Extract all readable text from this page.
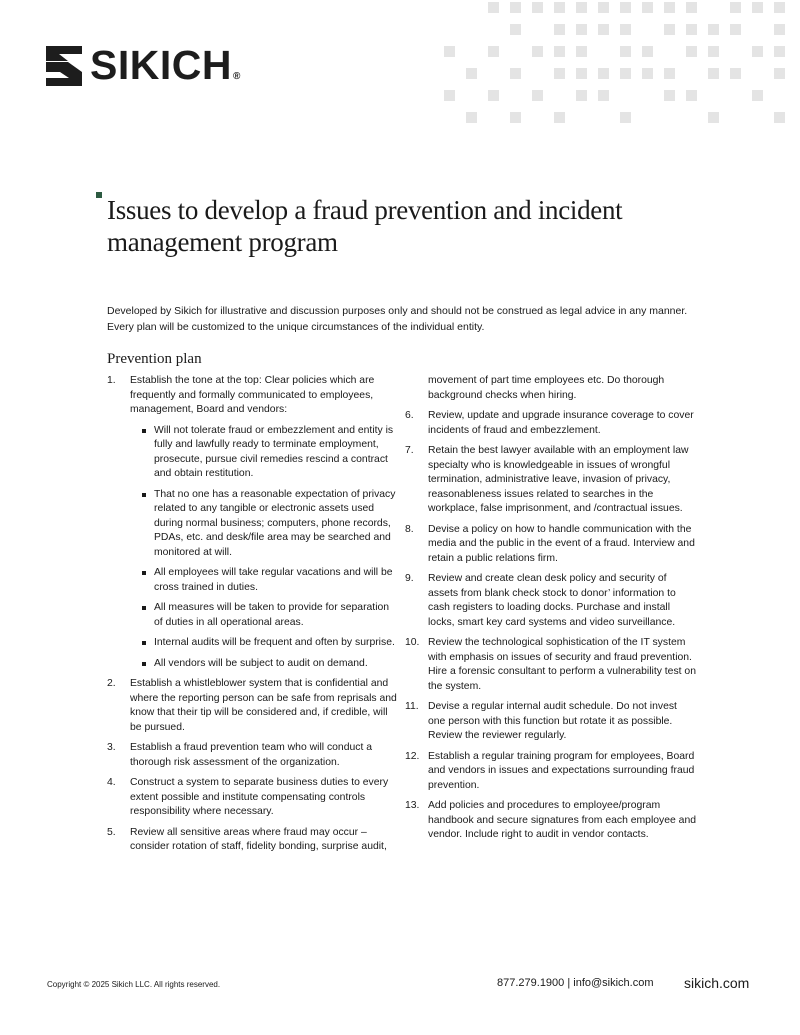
SIKICH ®
Issues to develop a fraud prevention and incident management program

Developed by Sikich for illustrative and discussion purposes only and should not be construed as legal advice in any manner. Every plan will be customized to the unique circumstances of the individual entity.

Prevention plan
1. Establish the tone at the top: Clear policies which are frequently and formally communicated to employees, management, Board and vendors:
Will not tolerate fraud or embezzlement and entity is fully and lawfully ready to terminate employment, prosecute, pursue civil remedies rescind a contract and obtain restitution.
That no one has a reasonable expectation of privacy related to any tangible or electronic assets used during normal business; computers, phone records, PDAs, etc. and desk/file area may be searched and monitored at will.
All employees will take regular vacations and will be cross trained in duties.
All measures will be taken to provide for separation of duties in all operational areas.
Internal audits will be frequent and often by surprise.
All vendors will be subject to audit on demand.
2. Establish a whistleblower system that is confidential and where the reporting person can be safe from reprisals and know that their tip will be considered and, if credible, will be pursued.
3. Establish a fraud prevention team who will conduct a thorough risk assessment of the organization.
4. Construct a system to separate business duties to every extent possible and institute compensating controls responsibility where necessary.
5. Review all sensitive areas where fraud may occur – consider rotation of staff, fidelity bonding, surprise audit,
movement of part time employees etc. Do thorough background checks when hiring.
6. Review, update and upgrade insurance coverage to cover incidents of fraud and embezzlement.
7. Retain the best lawyer available with an employment law specialty who is knowledgeable in issues of wrongful termination, administrative leave, invasion of privacy, reasonableness issues related to searches in the workplace, false imprisonment, and /contractual issues.
8. Devise a policy on how to handle communication with the media and the public in the event of a fraud. Interview and retain a public relations firm.
9. Review and create clean desk policy and security of assets from blank check stock to donor’ information to cash registers to loading docks. Purchase and install locks, smart key card systems and video surveillance.
10. Review the technological sophistication of the IT system with emphasis on issues of security and fraud prevention. Hire a forensic consultant to perform a vulnerability test on the system.
11. Devise a regular internal audit schedule. Do not invest one person with this function but rotate it as possible. Review the reviewer regularly.
12. Establish a regular training program for employees, Board and vendors in issues and expectations surrounding fraud prevention.
13. Add policies and procedures to employee/program handbook and secure signatures from each employee and vendor. Include right to audit in vendor contacts.
Copyright © 2025 Sikich LLC. All rights reserved.	877.279.1900 | info@sikich.com sikich.com
